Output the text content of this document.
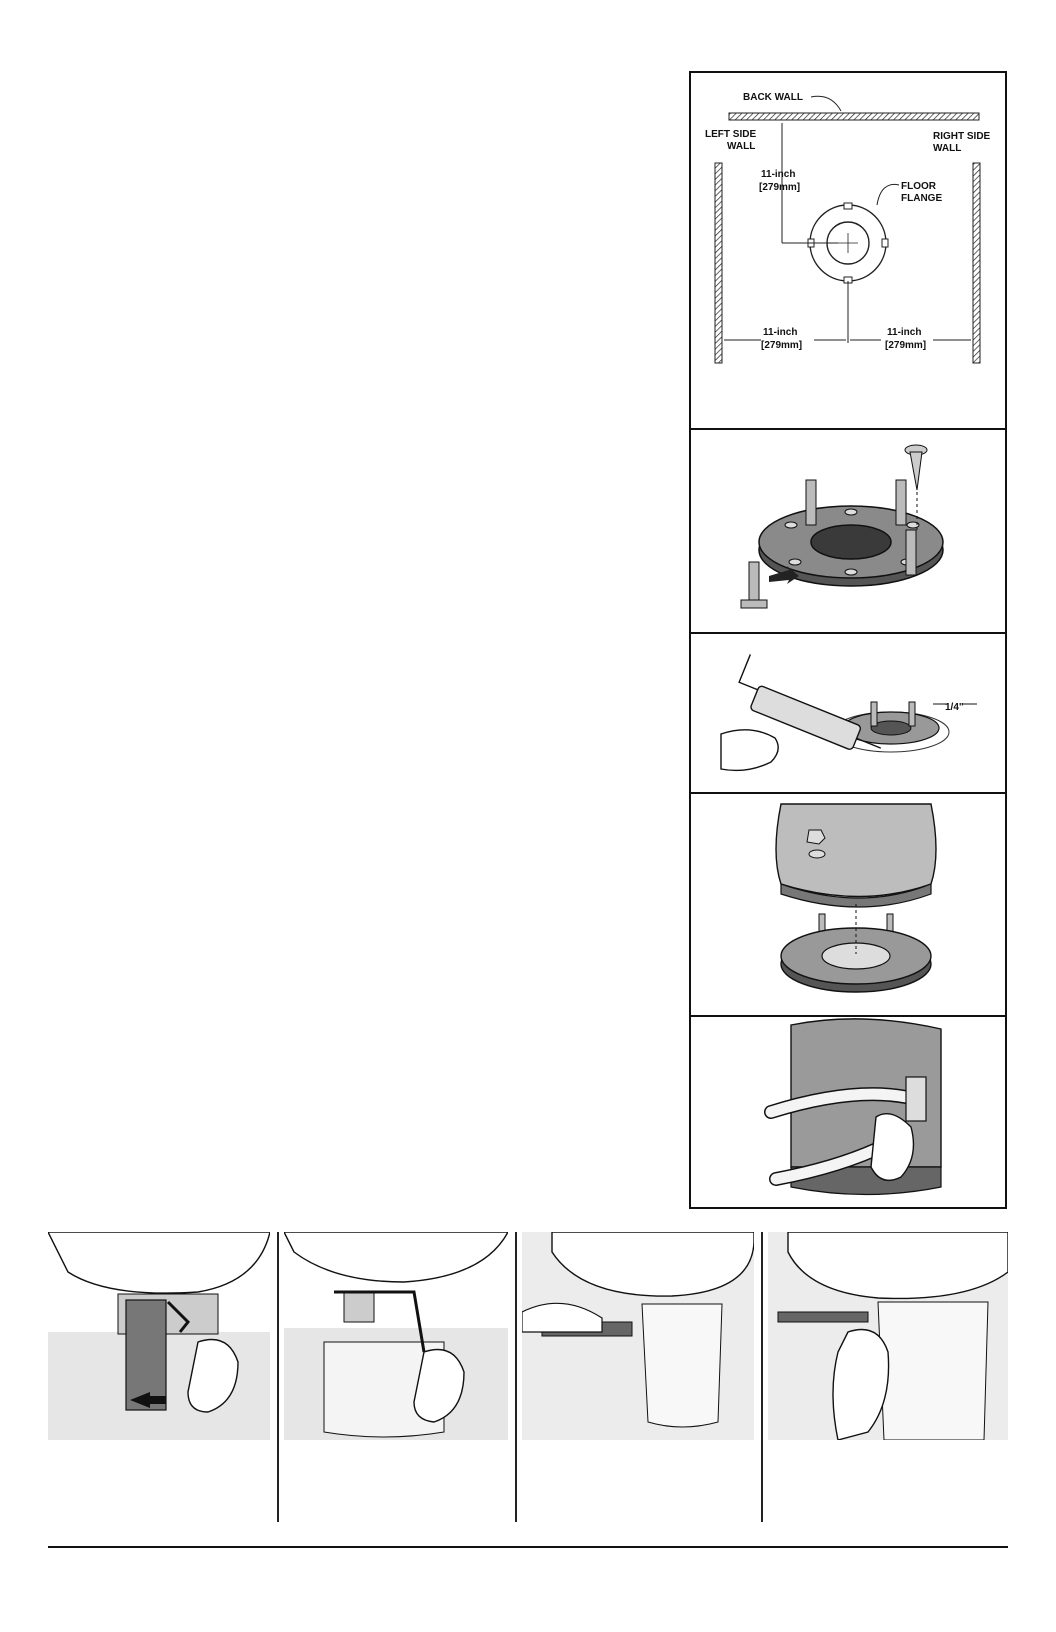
BACK WALL
LEFT SIDE
WALL
RIGHT SIDE
WALL
FLOOR
FLANGE
11-inch
[279mm]
11-inch
[279mm]
11-inch
[279mm]
1/4"
